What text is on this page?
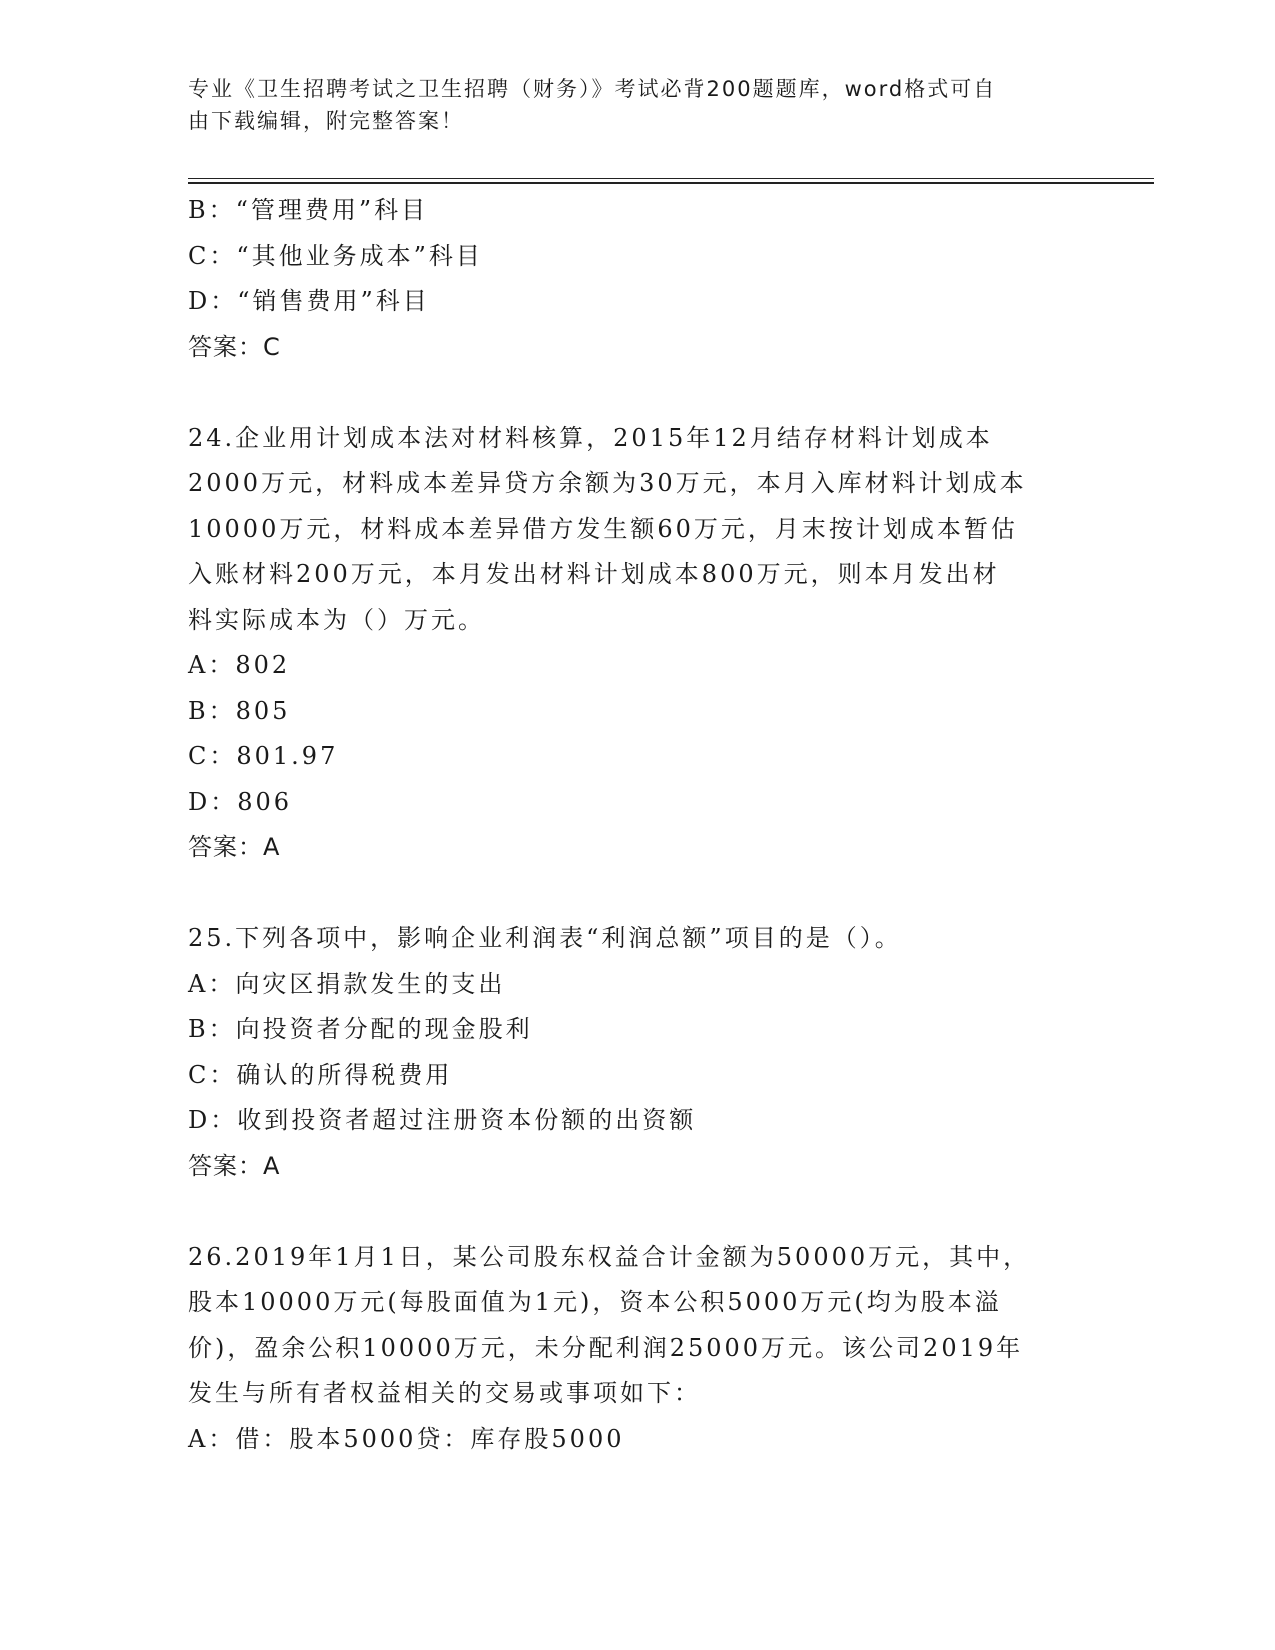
专业《卫生招聘考试之卫生招聘（财务）》考试必背200题题库，word格式可自
由下载编辑，附完整答案！
B：“管理费用”科目
C：“其他业务成本”科目
D：“销售费用”科目
答案：C
24.企业用计划成本法对材料核算，2015年12月结存材料计划成本
2000万元，材料成本差异贷方余额为30万元，本月入库材料计划成本
10000万元，材料成本差异借方发生额60万元，月末按计划成本暂估
入账材料200万元，本月发出材料计划成本800万元，则本月发出材
料实际成本为（）万元。
A：802
B：805
C：801.97
D：806
答案：A
25.下列各项中，影响企业利润表“利润总额”项目的是（）。
A：向灾区捐款发生的支出
B：向投资者分配的现金股利
C：确认的所得税费用
D：收到投资者超过注册资本份额的出资额
答案：A
26.2019年1月1日，某公司股东权益合计金额为50000万元，其中，
股本10000万元(每股面值为1元)，资本公积5000万元(均为股本溢
价)，盈余公积10000万元，未分配利润25000万元。该公司2019年
发生与所有者权益相关的交易或事项如下：
A：借：股本5000贷：库存股5000
